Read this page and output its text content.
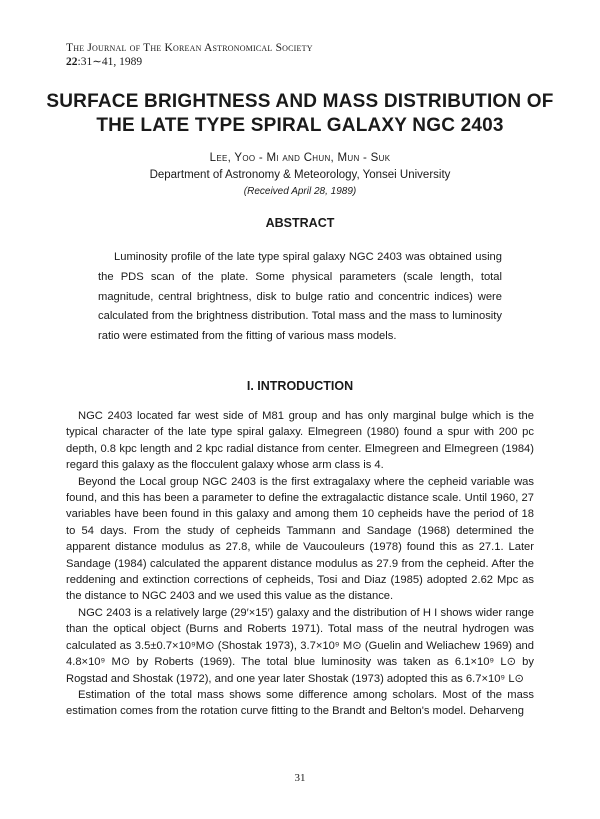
The Journal of The Korean Astronomical Society
22:31∼41, 1989
SURFACE BRIGHTNESS AND MASS DISTRIBUTION OF
THE LATE TYPE SPIRAL GALAXY NGC 2403
Lee, Yoo - Mi and Chun, Mun - Suk
Department of Astronomy & Meteorology, Yonsei University
(Received April 28, 1989)
ABSTRACT
Luminosity profile of the late type spiral galaxy NGC 2403 was obtained using the PDS scan of the plate. Some physical parameters (scale length, total magnitude, central brightness, disk to bulge ratio and concentric indices) were calculated from the brightness distribution. Total mass and the mass to luminosity ratio were estimated from the fitting of various mass models.
I. INTRODUCTION

NGC 2403 located far west side of M81 group and has only marginal bulge which is the typical character of the late type spiral galaxy. Elmegreen (1980) found a spur with 200 pc depth, 0.8 kpc length and 2 kpc radial distance from center. Elmegreen and Elmegreen (1984) regard this galaxy as the flocculent galaxy whose arm class is 4.

Beyond the Local group NGC 2403 is the first extragalaxy where the cepheid variable was found, and this has been a parameter to define the extragalactic distance scale. Until 1960, 27 variables have been found in this galaxy and among them 10 cepheids have the period of 18 to 54 days. From the study of cepheids Tammann and Sandage (1968) determined the apparent distance modulus as 27.8, while de Vaucouleurs (1978) found this as 27.1. Later Sandage (1984) calculated the apparent distance modulus as 27.9 from the cepheid. After the reddening and extinction corrections of cepheids, Tosi and Diaz (1985) adopted 2.62 Mpc as the distance to NGC 2403 and we used this value as the distance.

NGC 2403 is a relatively large (29′×15′) galaxy and the distribution of H I shows wider range than the optical object (Burns and Roberts 1971). Total mass of the neutral hydrogen was calculated as 3.5±0.7×10⁹M⊙ (Shostak 1973), 3.7×10⁹ M⊙ (Guelin and Weliachew 1969) and 4.8×10⁹ M⊙ by Roberts (1969). The total blue luminosity was taken as 6.1×10⁹ L⊙ by Rogstad and Shostak (1972), and one year later Shostak (1973) adopted this as 6.7×10⁹ L⊙

Estimation of the total mass shows some difference among scholars. Most of the mass estimation comes from the rotation curve fitting to the Brandt and Belton's model. Deharveng

31
